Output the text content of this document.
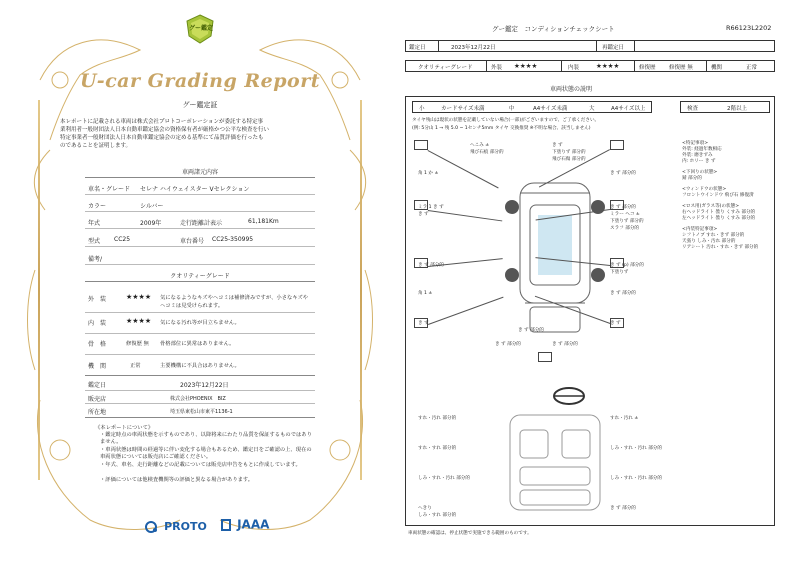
グー鑑定
U-car Grading Report
グー鑑定証
本レポートに記載される車両は株式会社プロトコーポレーションが委託する特定事
業利用者一般財団法人日本自動車鑑定協会の資格保有者が厳格かつ公平な検査を行い
特定事業者一般財団法人日本自動車鑑定協会の定める基準にて品質評価を行ったも
のであることを証明します。
車両諸元内容
車名・グレード セレナ ハイウェイスター Vセレクション
カラー	シルバー
年式	2009年	走行距離計表示	61,181Km
型式 CC25	車台番号 CC25-350995
備考/
クオリティーグレード
外　装	★★★★ 気になるようなキズやヘコミは補修済みですが、小さなキズやヘコミは見受けられます。
内　装	★★★★ 気になる汚れ等が目立ちません。
骨　格	修復歴 無 骨格部位に異常はありません。
機　関	正常	主要機構に不具合はありません。
鑑定日	2023年12月22日
販売店	株式会社PHOENIX　BIZ
所在地	埼玉県東松山市東平1136-1
《本レポートについて》
・鑑定時点の車両状態を示すものであり、以降将来にわたり品質を保証するものではありません。
・車両状態は時間の経過等に伴い変化する場合もあるため、鑑定日をご確認の上、現在の車両状態については販売店にご確認ください。
・年式、車名、走行距離などの記載については販売店申告をもとに作成しています。
・評価については他検査機関等の評価と異なる場合があります。
PROTO	JAAA
グー鑑定　コンディションチェックシート	R66123L2202
鑑定日	2023年12月22日	再鑑定日
クオリティーグレード	外装 ★★★★	内装	★★★★	修復歴 修復歴 無	機関	正常
車両状態の説明
小	カードサイズ未満	中	A4サイズ未満	大	A4サイズ以上	検査	2階以上
タイヤ残山は現状の状態を記載していない場合(一部)がございますので、ご了承ください。
(例: 5分山 1 → 残 5.0 ~ 1センチ5mm タイヤ 交換推奨 ※不明な場合、該当しません)
へこみ ±
飛び石痕 部分的
き ず
下塗りず 部分的
飛び石傷 部分的
角 1 か ±
ミラ 1 き ず
き ず
き ず 部分的
き ず 部分的
き ず 部分的
ミラー ヘコ ±
下塗りず 部分的
スラフ 部分的
き ず (p) 部分的
角 1 ±
下塗りず
き ず 部分的
き ず	き ず
き ず 部分的
き ず 部分的	き ず 部分的
すれ・汚れ 部分的	すれ・汚れ ±
すれ・すれ 部分的	しみ・すれ・汚れ 部分的
しみ・すれ・汚れ 部分的	しみ・すれ・汚れ 部分的
へきり
しみ・すれ 部分的
き ず 部分的
<特記事項>
外装: 経過年数相応
外装: 磨きずみ
内: ホリー き ず
<下回りの状態>
錆 部分的
<ウィンドウの状態>
フロントウインドウ 飛び石 修復済
<ロス用(ガラス等)の状態>
右ヘッドライト 曇り くすみ 部分的
左ヘッドライト 曇り くすみ 部分的
<内装特記事項>
シフトノブ すれ・きず 部分的
天張り しみ・汚れ 部分的
リアシート 汚れ・すれ・きず 部分的
車両状態の確認は、停止状態で実施できる範囲のものです。
